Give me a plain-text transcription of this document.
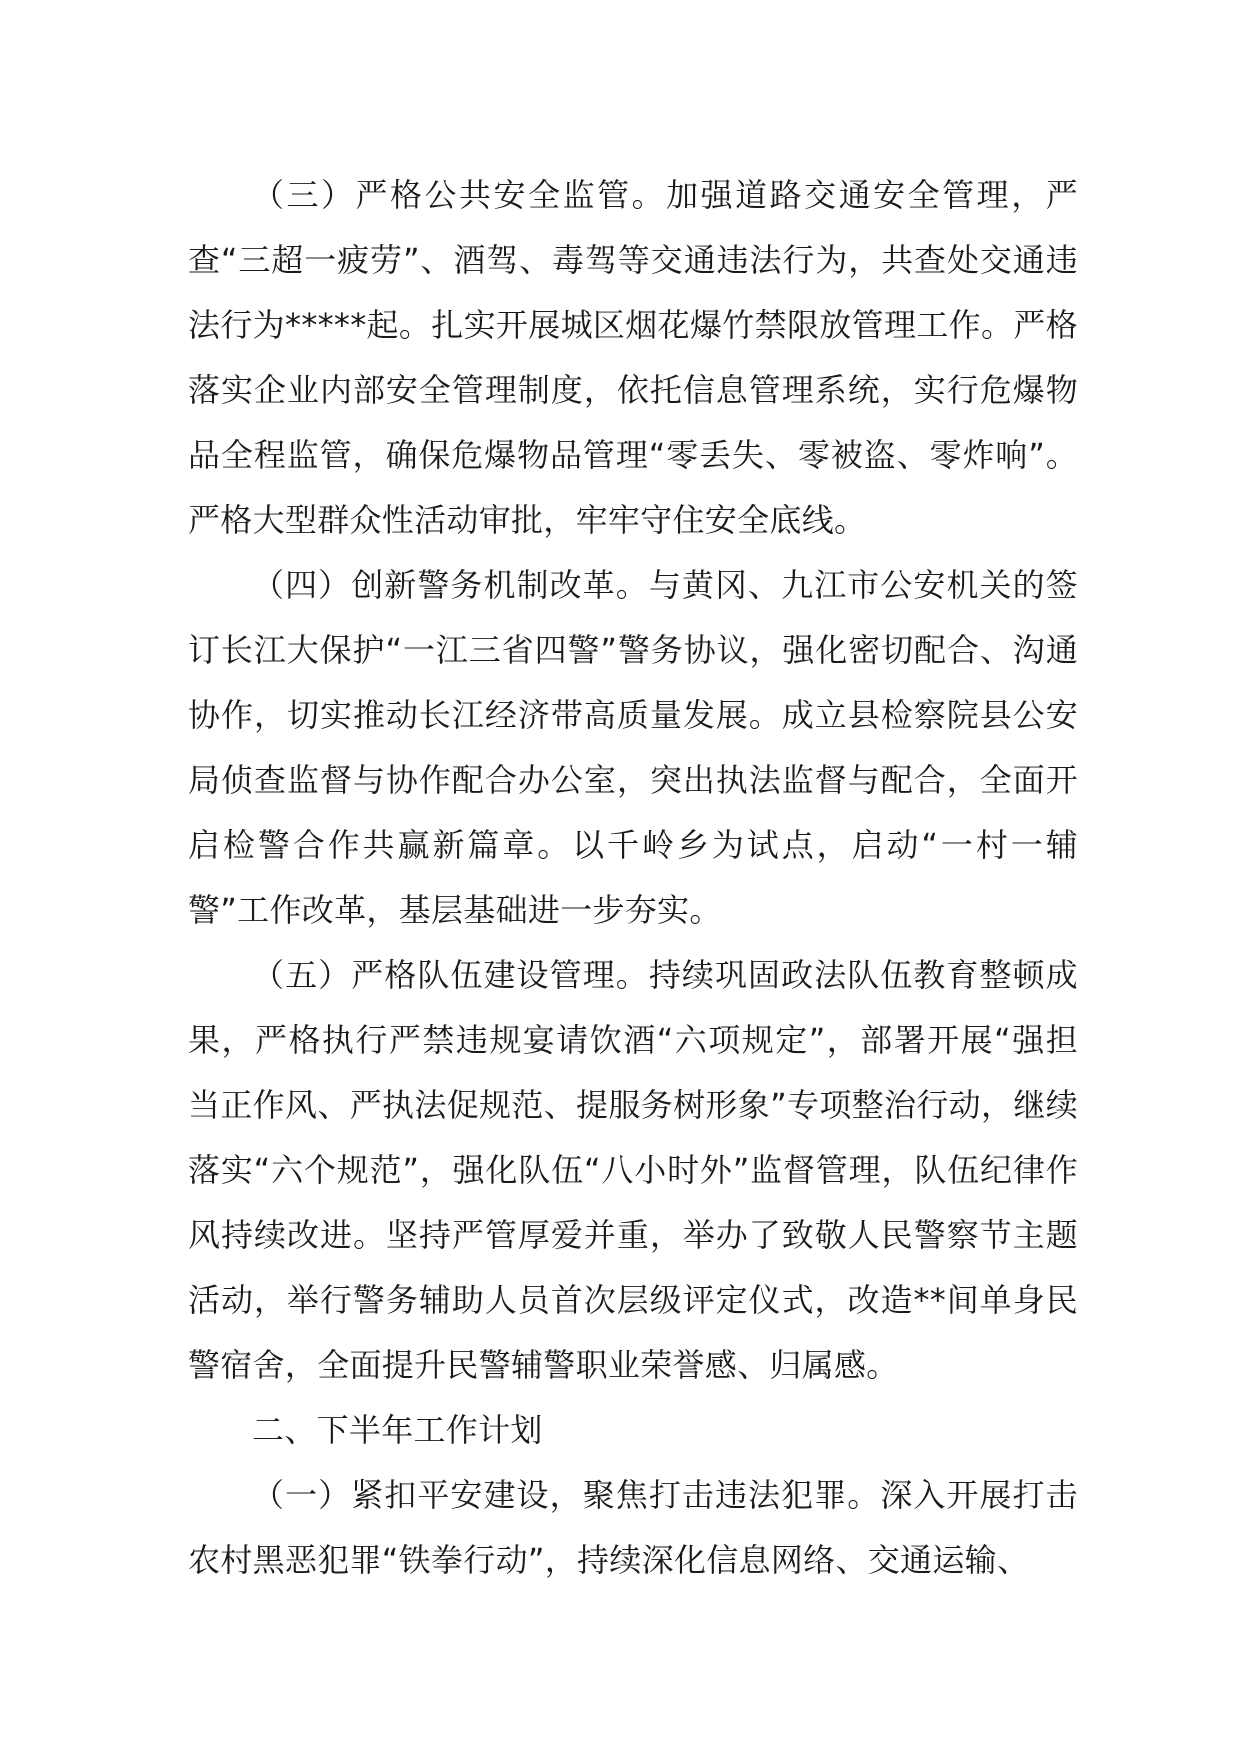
（三）严格公共安全监管。加强道路交通安全管理，严查“三超一疲劳”、酒驾、毒驾等交通违法行为，共查处交通违法行为*****起。扎实开展城区烟花爆竹禁限放管理工作。严格落实企业内部安全管理制度，依托信息管理系统，实行危爆物品全程监管，确保危爆物品管理“零丢失、零被盗、零炸响”。严格大型群众性活动审批，牢牢守住安全底线。

（四）创新警务机制改革。与黄冈、九江市公安机关的签订长江大保护“一江三省四警”警务协议，强化密切配合、沟通协作，切实推动长江经济带高质量发展。成立县检察院县公安局侦查监督与协作配合办公室，突出执法监督与配合，全面开启检警合作共赢新篇章。以千岭乡为试点，启动“一村一辅警”工作改革，基层基础进一步夯实。

（五）严格队伍建设管理。持续巩固政法队伍教育整顿成果，严格执行严禁违规宴请饮酒“六项规定”，部署开展“强担当正作风、严执法促规范、提服务树形象”专项整治行动，继续落实“六个规范”，强化队伍“八小时外”监督管理，队伍纪律作风持续改进。坚持严管厚爱并重，举办了致敬人民警察节主题活动，举行警务辅助人员首次层级评定仪式，改造**间单身民警宿舍，全面提升民警辅警职业荣誉感、归属感。

二、下半年工作计划

（一）紧扣平安建设，聚焦打击违法犯罪。深入开展打击农村黑恶犯罪“铁拳行动”，持续深化信息网络、交通运输、
